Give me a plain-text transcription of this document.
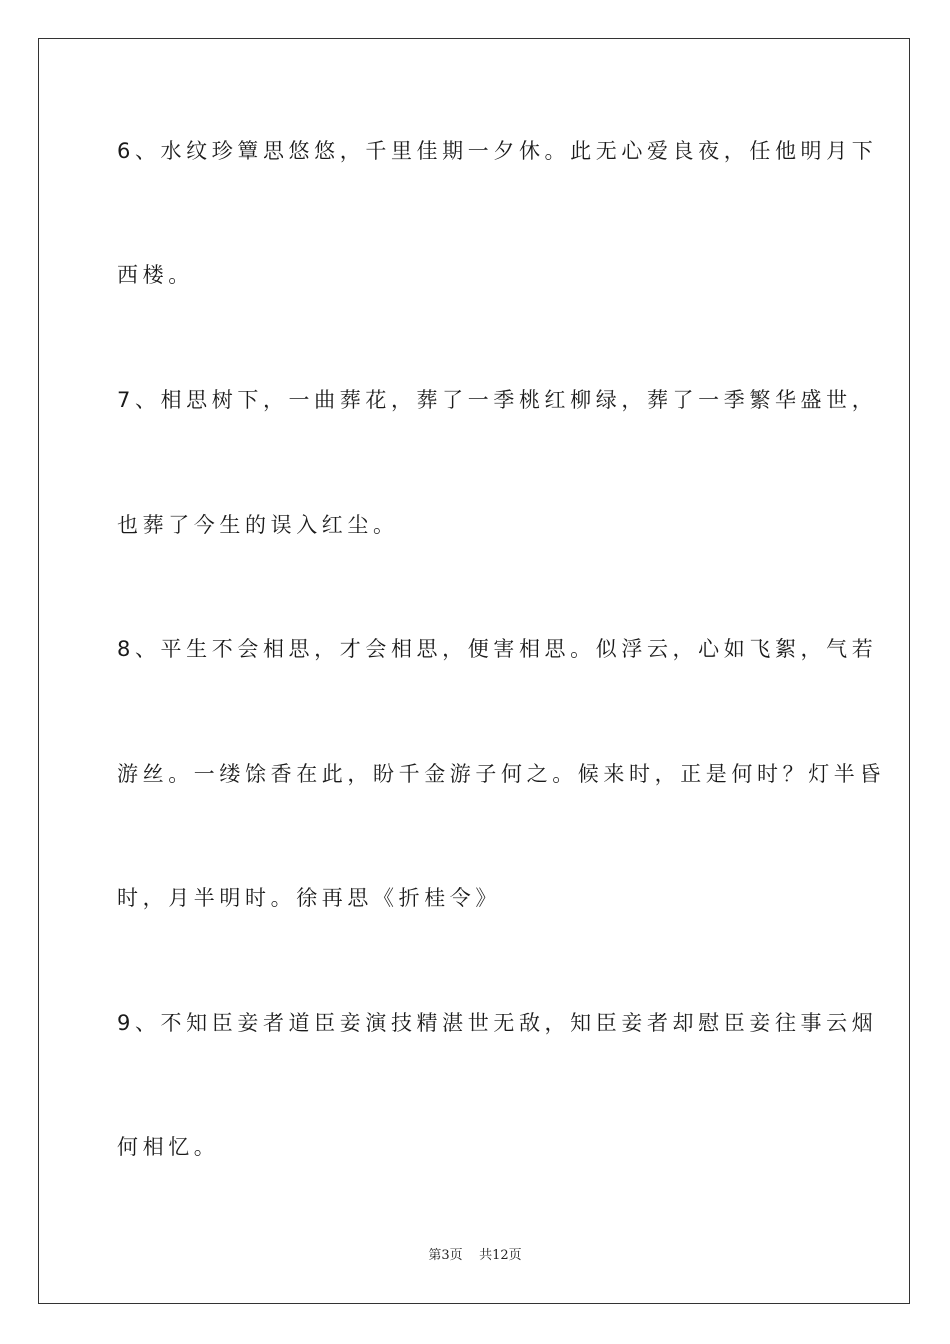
6、水纹珍簟思悠悠，千里佳期一夕休。此无心爱良夜，任他明月下
西楼。
7、相思树下，一曲葬花，葬了一季桃红柳绿，葬了一季繁华盛世，
也葬了今生的误入红尘。
8、平生不会相思，才会相思，便害相思。似浮云，心如飞絮，气若
游丝。一缕馀香在此，盼千金游子何之。候来时，正是何时？灯半昏
时，月半明时。徐再思《折桂令》
9、不知臣妾者道臣妾演技精湛世无敌，知臣妾者却慰臣妾往事云烟
何相忆。
第3页    共12页
